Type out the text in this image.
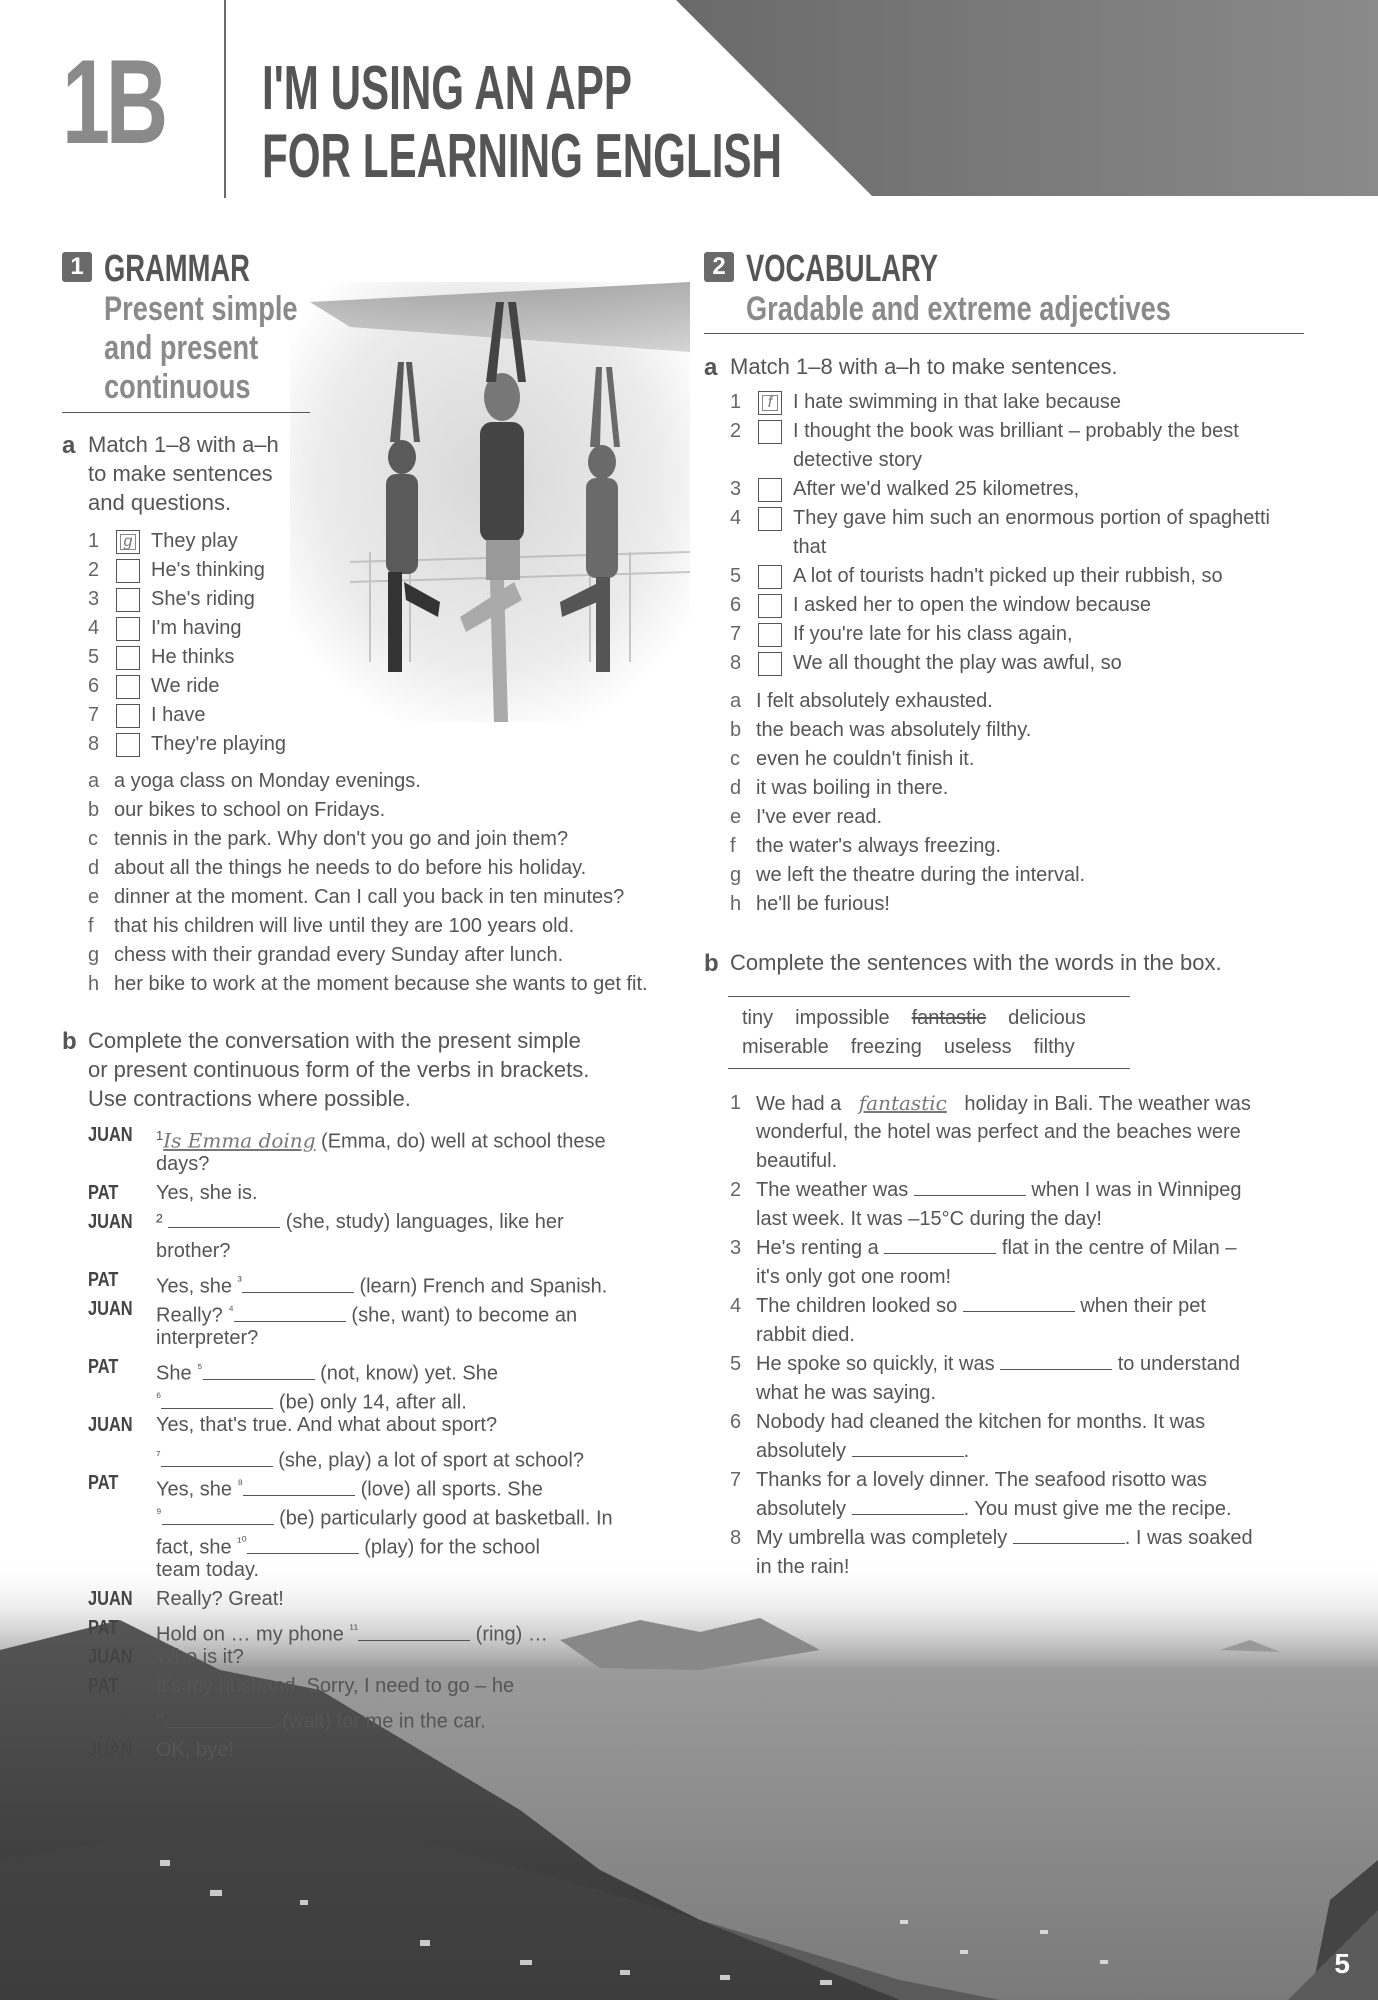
1B I'M USING AN APP
FOR LEARNING ENGLISH
5
1 GRAMMAR
Present simple
and present
continuous
a Match 1–8 with a–h
to make sentences
and questions.
b Complete the conversation with the present simple
or present continuous form of the verbs in brackets.
Use contractions where possible.
2 VOCABULARY
Gradable and extreme adjectives
a Match 1–8 with a–h to make sentences.
b Complete the sentences with the words in the box.
1	g They play
2	He's thinking
3	She's riding
4	I'm having
5	He thinks
6	We ride
7	I have
8	They're playing
a a yoga class on Monday evenings.
b our bikes to school on Fridays.
c tennis in the park. Why don't you go and join them?
d about all the things he needs to do before his holiday.
e dinner at the moment. Can I call you back in ten minutes?
f that his children will live until they are 100 years old.
g chess with their grandad every Sunday after lunch.
h her bike to work at the moment because she wants to get fit.
JUAN $^1$Is Emma doing (Emma, do) well at school these
days?
PAT Yes, she is.
JUAN ²	(she, study) languages, like her
brother?
PAT Yes, she $^{^3}$	(learn) French and Spanish.
JUAN Really? $^{^4}$	(she, want) to become an
interpreter?
PAT She $^{^5}$	(not, know) yet. She
$^{^6}$	(be) only 14, after all.
JUAN Yes, that's true. And what about sport?
$^{^7}$	(she, play) a lot of sport at school?
PAT Yes, she $^{^8}$	(love) all sports. She
$^{^9}$	(be) particularly good at basketball. In
fact, she $^{^{10}}$	(play) for the school
team today.
JUAN Really? Great!
PAT Hold on … my phone $^{^{11}}$	(ring) …
JUAN Who is it?
PAT It's my husband. Sorry, I need to go – he
$^{^{12}}$	(wait) for me in the car.
JUAN OK, bye!
1	f	I hate swimming in that lake because
2	I thought the book was brilliant – probably the best
detective story
3	After we'd walked 25 kilometres,
4	They gave him such an enormous portion of spaghetti
that
5	A lot of tourists hadn't picked up their rubbish, so
6	I asked her to open the window because
7	If you're late for his class again,
8	We all thought the play was awful, so
a I felt absolutely exhausted.
b the beach was absolutely filthy.
c even he couldn't finish it.
d it was boiling in there.
e I've ever read.
f the water's always freezing.
g we left the theatre during the interval.
h he'll be furious!
tiny impossible fantastic delicious
miserable freezing useless filthy
1 We had a fantastic holiday in Bali. The weather was
wonderful, the hotel was perfect and the beaches were
beautiful.
2 The weather was	when I was in Winnipeg
last week. It was –15°C during the day!
3 He's renting a	flat in the centre of Milan –
it's only got one room!
4 The children looked so	when their pet
rabbit died.
5 He spoke so quickly, it was	to understand
what he was saying.
6 Nobody had cleaned the kitchen for months. It was
absolutely	.
7 Thanks for a lovely dinner. The seafood risotto was
absolutely	. You must give me the recipe.
8 My umbrella was completely	. I was soaked
in the rain!
